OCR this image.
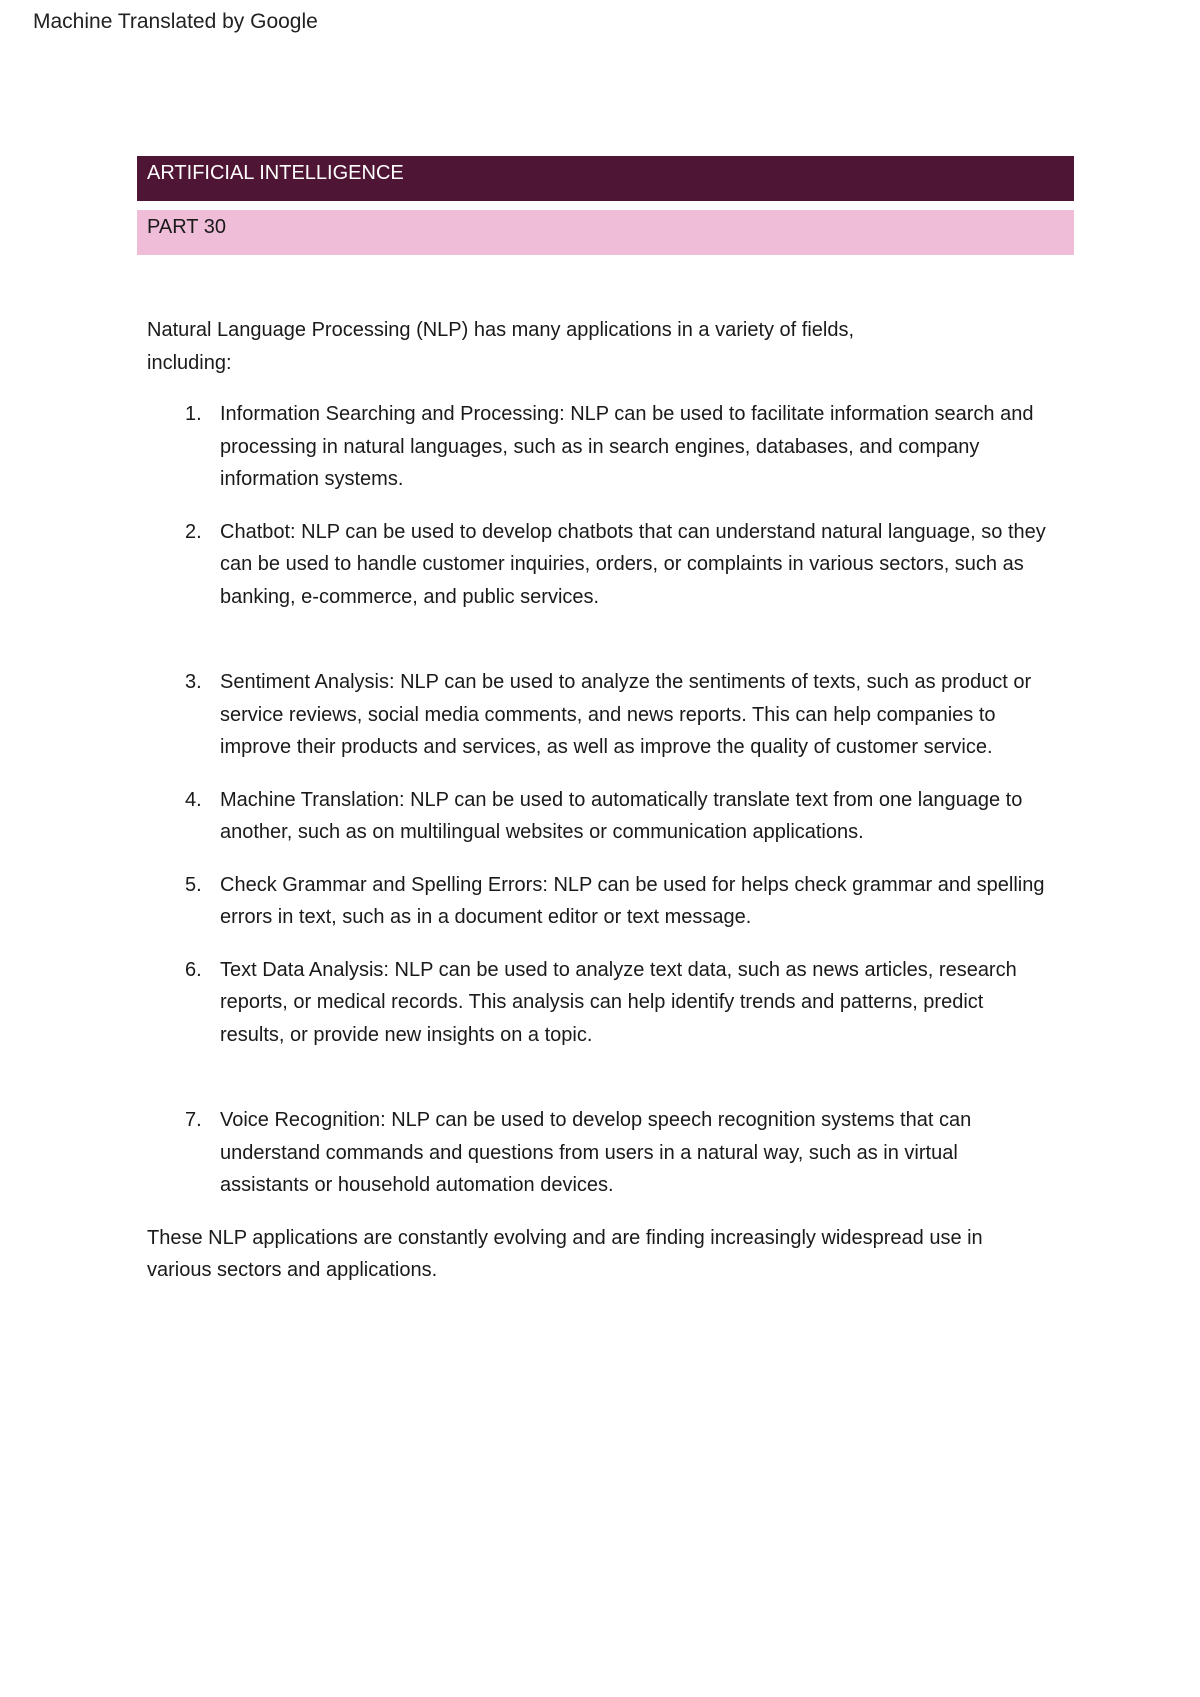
Machine Translated by Google
ARTIFICIAL INTELLIGENCE
PART 30

Natural Language Processing (NLP) has many applications in a variety of fields, including:

1. Information Searching and Processing: NLP can be used to facilitate information search and processing in natural languages, such as in search engines, databases, and company information systems.
2. Chatbot: NLP can be used to develop chatbots that can understand natural language, so they can be used to handle customer inquiries, orders, or complaints in various sectors, such as banking, e-commerce, and public services.
3. Sentiment Analysis: NLP can be used to analyze the sentiments of texts, such as product or service reviews, social media comments, and news reports. This can help companies to improve their products and services, as well as improve the quality of customer service.
4. Machine Translation: NLP can be used to automatically translate text from one language to another, such as on multilingual websites or communication applications.
5. Check Grammar and Spelling Errors: NLP can be used for helps check grammar and spelling errors in text, such as in a document editor or text message.
6. Text Data Analysis: NLP can be used to analyze text data, such as news articles, research reports, or medical records. This analysis can help identify trends and patterns, predict results, or provide new insights on a topic.
7. Voice Recognition: NLP can be used to develop speech recognition systems that can understand commands and questions from users in a natural way, such as in virtual assistants or household automation devices.

These NLP applications are constantly evolving and are finding increasingly widespread use in various sectors and applications.
